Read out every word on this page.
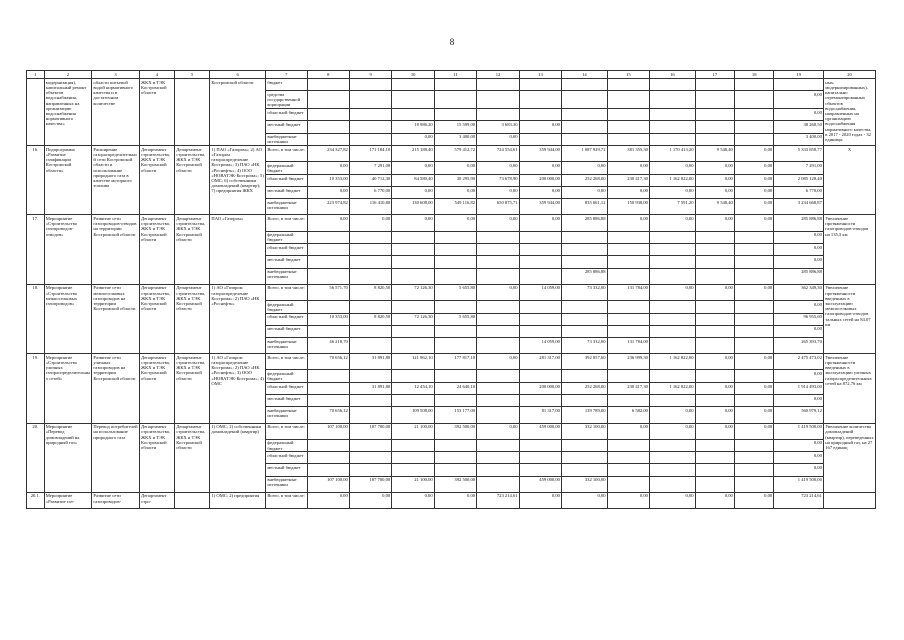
8
1	2	3	4	5	6	7	8	9	10	11	12	13	14	15	16	17	18	19	20
	модернизация), капитальный ремонт объектов водоснабжения, направленных на организацию водоснабжения нормативного качества»	области питьевой водой нормативного качества и в достаточном количестве	ЖКХ и ТЭК Костромской области		Костромской области	бюджет													ных, модернизированных), капитально отремонтированных объектов водоснабжения, направленных на организацию водоснабжения нормативного качества, в 2017 - 2020 годах - 32 единицы
						средства государственной корпорации												0,00	
						областной бюджет												0,00	
						местный бюджет			18 986,20	15 599,00	3 683,30	0,00						38 268,50	
						внебюджетные источники			0,00	3 400,00	0,00							3 400,00	
16.	Подпрограмма «Развитие газификации Костромской области»	Расширение газораспределительной сети Костромской области и использование природного газа в качестве моторного топлива	Департамент строительства, ЖКХ и ТЭК Костромской области	Департамент строительства, ЖКХ и ТЭК Костромской области	1) ПАО «Газпром»; 2) АО «Газпром газораспределение Кострома»; 3) ПАО «НК «Роснефть»; 4) ООО «НОВАТЭК-Кострома»; 5) ОМС; 6) собственники домовладений (квартир); 7) предприятия ЖКХ	Всего, в том числе:	234 327,82	171 184,10	215 188,40	579 412,72	724 554,61	359 944,00	1 087 929,72	381 355,30	1 170 413,20	9 548,40	0,00	5 333 858,77	Х
						федеральный бюджет	0,00	7 291,00	0,00	0,00	0,00	0,00	0,00	0,00	0,00	0,00	0,00	7 291,00	
						областной бюджет	10 353,00	40 712,30	84 580,40	30 295,90	73 678,90	200 000,00	252 268,00	230 417,30	1 162 822,00	0,00	0,00	2 085 128,40	
						местный бюджет	0,00	6 770,00	0,00	0,00	0,00	0,00	0,00	0,00	0,00	0,00	0,00	6 770,00	
						внебюджетные источники	223 974,82	116 410,80	130 608,00	549 116,82	650 875,71	359 944,00	835 661,12	150 938,00	7 591,20	9 548,40	0,00	3 234 668,87	
17.	Мероприятие «Строительство газопроводов-отводов»	Развитие сети газопроводов-отводов на территории Костромской области	Департамент строительства, ЖКХ и ТЭК Костромской области	Департамент строительства, ЖКХ и ТЭК Костромской области	ПАО «Газпром»	Всего, в том числе:	0,00	0,00	0,00	0,00	0,00	0,00	285 886,88	0,00	0,00	0,00	0,00	285 886,88	Увеличение протяженности газопроводов-отводов на 135,3 км
						федеральный бюджет												0,00	
						областной бюджет												0,00	
						местный бюджет												0,00	
						внебюджетные источники							285 886,88					285 886,88	
18.	Мероприятие «Строительство межпоселковых газопроводов»	Развитие сети межпоселковых газопроводов на территории Костромской области	Департамент строительства, ЖКХ и ТЭК Костромской области	Департамент строительства, ЖКХ и ТЭК Костромской области	1) АО «Газпром газораспределение Кострома»; 2) ПАО «НК «Роснефть»	Всего, в том числе:	56 571,70	8 820,50	72 126,30	5 655,80	0,00	14 059,00	73 332,00	131 784,00	0,00	0,00	0,00	362 349,30	Увеличение протяженности введенных в эксплуатацию межпоселковых газопроводов-отводов тальных сетей на 84,07 км
						федеральный бюджет												0,00	
						областной бюджет	10 353,00	8 820,50	72 126,30	5 655,80								96 955,60	
						местный бюджет												0,00	
						внебюджетные источники	46 218,70					14 059,00	73 332,00	131 784,00				265 393,70	
19.	Мероприятие «Строительство уличных газораспределительных сетей»	Развитие сети уличных газопроводов на территории Костромской области	Департамент строительства, ЖКХ и ТЭК Костромской области	Департамент строительства, ЖКХ и ТЭК Костромской области	1) АО «Газпром газораспределение Кострома»; 2) ПАО «НК «Роснефть»; 3) ООО «НОВАТЭК-Кострома»; 4) ОМС	Всего, в том числе:	70 656,12	31 891,80	121 962,10	177 817,10	0,00	281 317,00	392 057,60	236 999,30	1 162 822,00	0,00	0,00	2 475 473,02	Увеличение протяженности введенных в эксплуатацию уличных газораспределительных сетей на 872,76 км
						федеральный бюджет												0,00	
						областной бюджет		31 891,80	12 454,10	24 640,10		200 000,00	252 268,00	230 417,30	1 162 822,00	0,00	0,00	1 914 493,00	
						местный бюджет												0,00	
						внебюджетные источники	70 656,12		109 508,00	153 177,00		81 317,00	139 789,00	6 582,00	0,00	0,00	0,00	560 979,12	
20.	Мероприятие «Перевод домовладений на природный газ»	Перевод потребителей на использование природного газа	Департамент строительства, ЖКХ и ТЭК Костромской области	Департамент строительства, ЖКХ и ТЭК Костромской области	1) ОМС; 2) собственники домовладений (квартир)	Всего, в том числе:	107 100,00	107 700,00	21 100,00	392 500,00	0,00	459 000,00	332 100,00	0,00	0,00	0,00	0,00	1 419 500,00	Увеличение количества домовладений (квартир), переведенных на природный газ, на 27 167 единиц
						федеральный бюджет												0,00	
						областной бюджет												0,00	
						местный бюджет												0,00	
						внебюджетные источники	107 100,00	107 700,00	21 100,00	392 500,00		459 000,00	332 100,00					1 419 500,00	
20.1.	Мероприятие «Развитие газ-	Развитие сети газопроводов-	Департамент стро-		1) ОМС; 2) предприятия	Всего, в том числе:	0,00	0,00	0,00	0,00	723 214,61	0,00	0,00	0,00	0,00	0,00	0,00	723 214,61	
